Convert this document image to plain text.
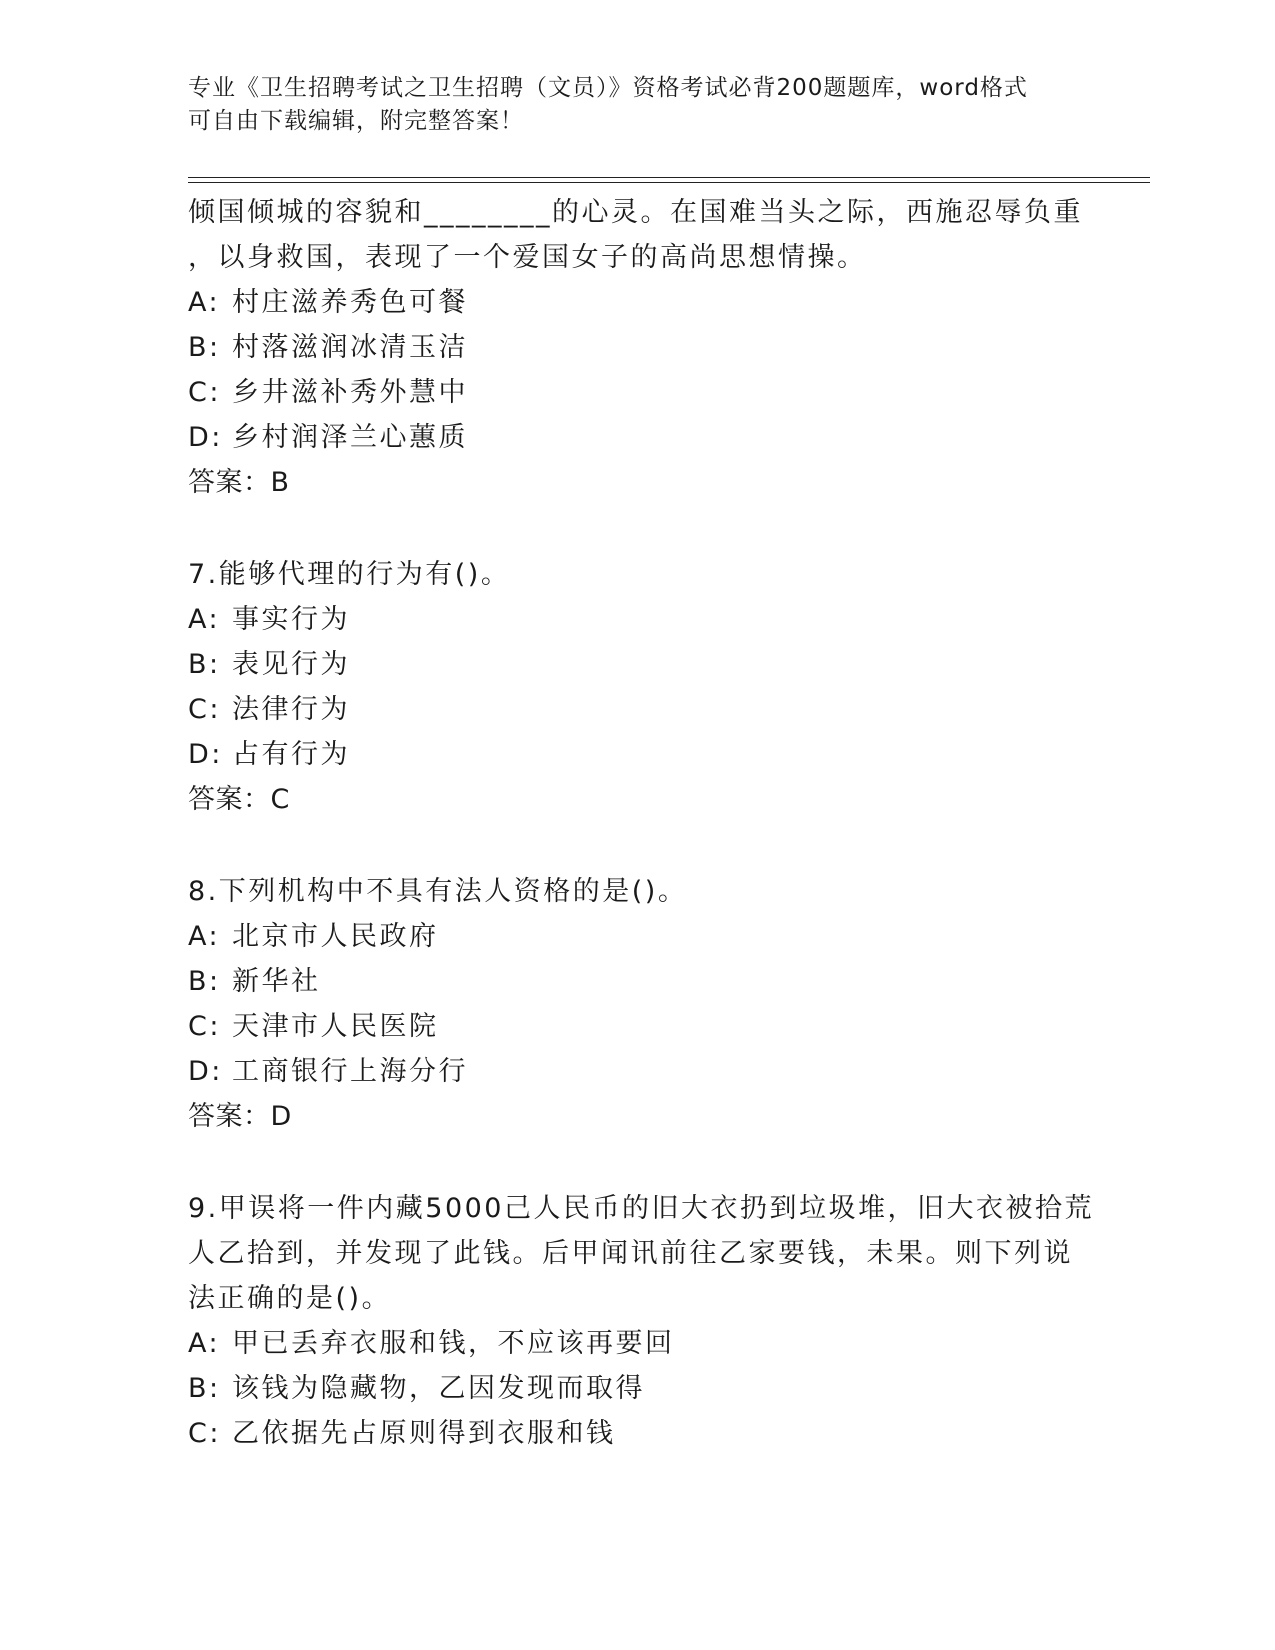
专业《卫生招聘考试之卫生招聘（文员）》资格考试必背200题题库，word格式
可自由下载编辑，附完整答案！
倾国倾城的容貌和________的心灵。在国难当头之际，西施忍辱负重
，以身救国，表现了一个爱国女子的高尚思想情操。
A: 村庄滋养秀色可餐
B: 村落滋润冰清玉洁
C: 乡井滋补秀外慧中
D: 乡村润泽兰心蕙质
答案：B
7.能够代理的行为有()。
A: 事实行为
B: 表见行为
C: 法律行为
D: 占有行为
答案：C
8.下列机构中不具有法人资格的是()。
A: 北京市人民政府
B: 新华社
C: 天津市人民医院
D: 工商银行上海分行
答案：D
9.甲误将一件内藏5000己人民币的旧大衣扔到垃圾堆，旧大衣被拾荒
人乙拾到，并发现了此钱。后甲闻讯前往乙家要钱，未果。则下列说
法正确的是()。
A: 甲已丢弃衣服和钱，不应该再要回
B: 该钱为隐藏物，乙因发现而取得
C: 乙依据先占原则得到衣服和钱
